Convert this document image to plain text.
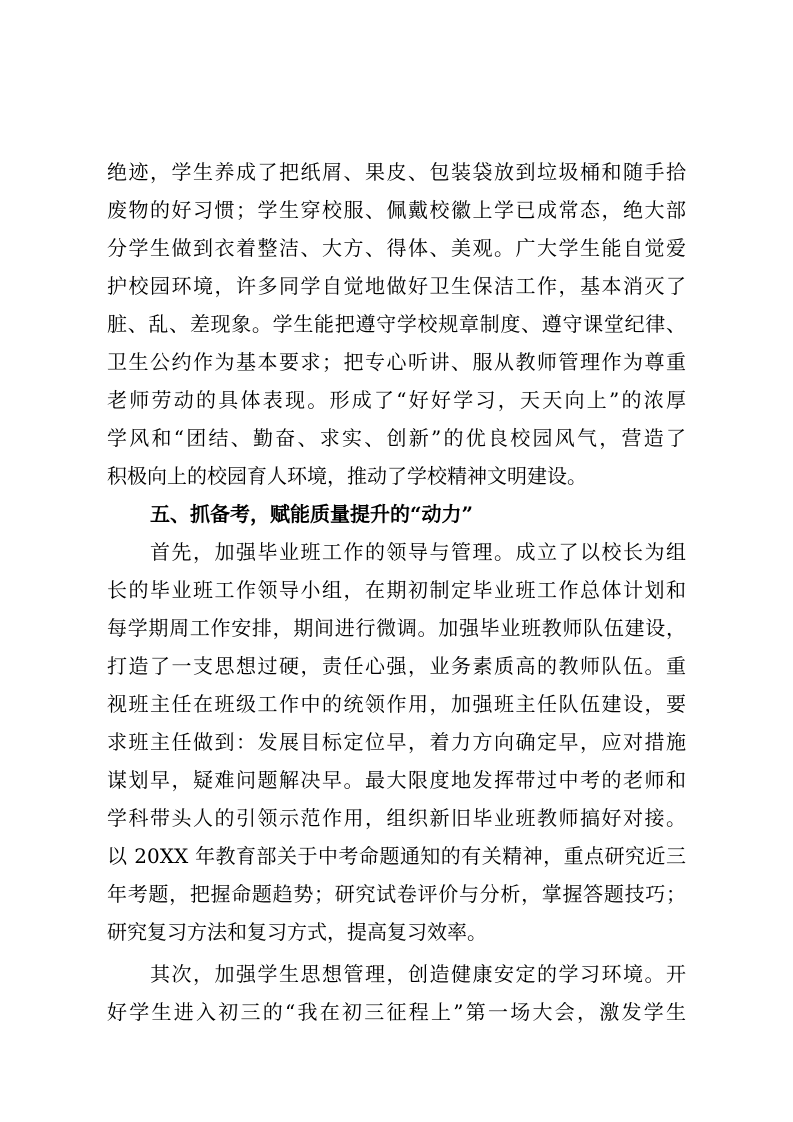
绝迹，学生养成了把纸屑、果皮、包装袋放到垃圾桶和随手拾
废物的好习惯；学生穿校服、佩戴校徽上学已成常态，绝大部
分学生做到衣着整洁、大方、得体、美观。广大学生能自觉爱
护校园环境，许多同学自觉地做好卫生保洁工作，基本消灭了
脏、乱、差现象。学生能把遵守学校规章制度、遵守课堂纪律、
卫生公约作为基本要求；把专心听讲、服从教师管理作为尊重
老师劳动的具体表现。形成了“好好学习，天天向上”的浓厚
学风和“团结、勤奋、求实、创新”的优良校园风气，营造了
积极向上的校园育人环境，推动了学校精神文明建设。
五、抓备考，赋能质量提升的“动力”
首先，加强毕业班工作的领导与管理。成立了以校长为组
长的毕业班工作领导小组，在期初制定毕业班工作总体计划和
每学期周工作安排，期间进行微调。加强毕业班教师队伍建设，
打造了一支思想过硬，责任心强，业务素质高的教师队伍。重
视班主任在班级工作中的统领作用，加强班主任队伍建设，要
求班主任做到：发展目标定位早，着力方向确定早，应对措施
谋划早，疑难问题解决早。最大限度地发挥带过中考的老师和
学科带头人的引领示范作用，组织新旧毕业班教师搞好对接。
以 20XX 年教育部关于中考命题通知的有关精神，重点研究近三
年考题，把握命题趋势；研究试卷评价与分析，掌握答题技巧；
研究复习方法和复习方式，提高复习效率。
其次，加强学生思想管理，创造健康安定的学习环境。开
好学生进入初三的“我在初三征程上”第一场大会，激发学生
